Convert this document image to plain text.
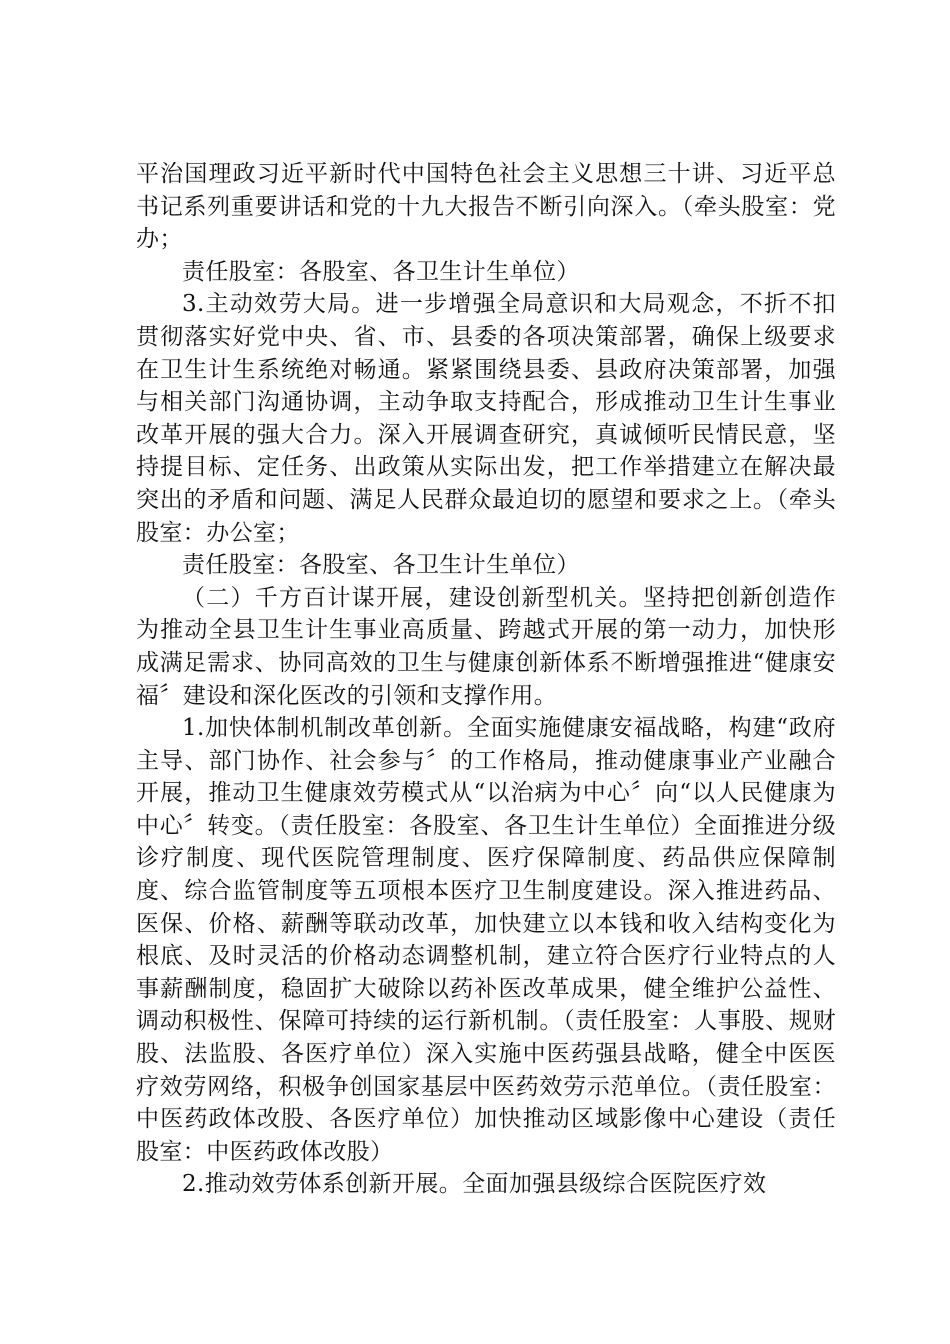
平治国理政习近平新时代中国特色社会主义思想三十讲、习近平总书记系列重要讲话和党的十九大报告不断引向深入。（牵头股室：党办；

责任股室：各股室、各卫生计生单位）

3.主动效劳大局。进一步增强全局意识和大局观念，不折不扣贯彻落实好党中央、省、市、县委的各项决策部署，确保上级要求在卫生计生系统绝对畅通。紧紧围绕县委、县政府决策部署，加强与相关部门沟通协调，主动争取支持配合，形成推动卫生计生事业改革开展的强大合力。深入开展调查研究，真诚倾听民情民意，坚持提目标、定任务、出政策从实际出发，把工作举措建立在解决最突出的矛盾和问题、满足人民群众最迫切的愿望和要求之上。（牵头股室：办公室；

责任股室：各股室、各卫生计生单位）

（二）千方百计谋开展，建设创新型机关。坚持把创新创造作为推动全县卫生计生事业高质量、跨越式开展的第一动力，加快形成满足需求、协同高效的卫生与健康创新体系不断增强推进“健康安福〞建设和深化医改的引领和支撑作用。

1.加快体制机制改革创新。全面实施健康安福战略，构建“政府主导、部门协作、社会参与〞的工作格局，推动健康事业产业融合开展，推动卫生健康效劳模式从“以治病为中心〞向“以人民健康为中心〞转变。（责任股室：各股室、各卫生计生单位）全面推进分级诊疗制度、现代医院管理制度、医疗保障制度、药品供应保障制度、综合监管制度等五项根本医疗卫生制度建设。深入推进药品、医保、价格、薪酬等联动改革，加快建立以本钱和收入结构变化为根底、及时灵活的价格动态调整机制，建立符合医疗行业特点的人事薪酬制度，稳固扩大破除以药补医改革成果，健全维护公益性、调动积极性、保障可持续的运行新机制。（责任股室：人事股、规财股、法监股、各医疗单位）深入实施中医药强县战略，健全中医医疗效劳网络，积极争创国家基层中医药效劳示范单位。（责任股室：中医药政体改股、各医疗单位）加快推动区域影像中心建设（责任股室：中医药政体改股）

2.推动效劳体系创新开展。全面加强县级综合医院医疗效
